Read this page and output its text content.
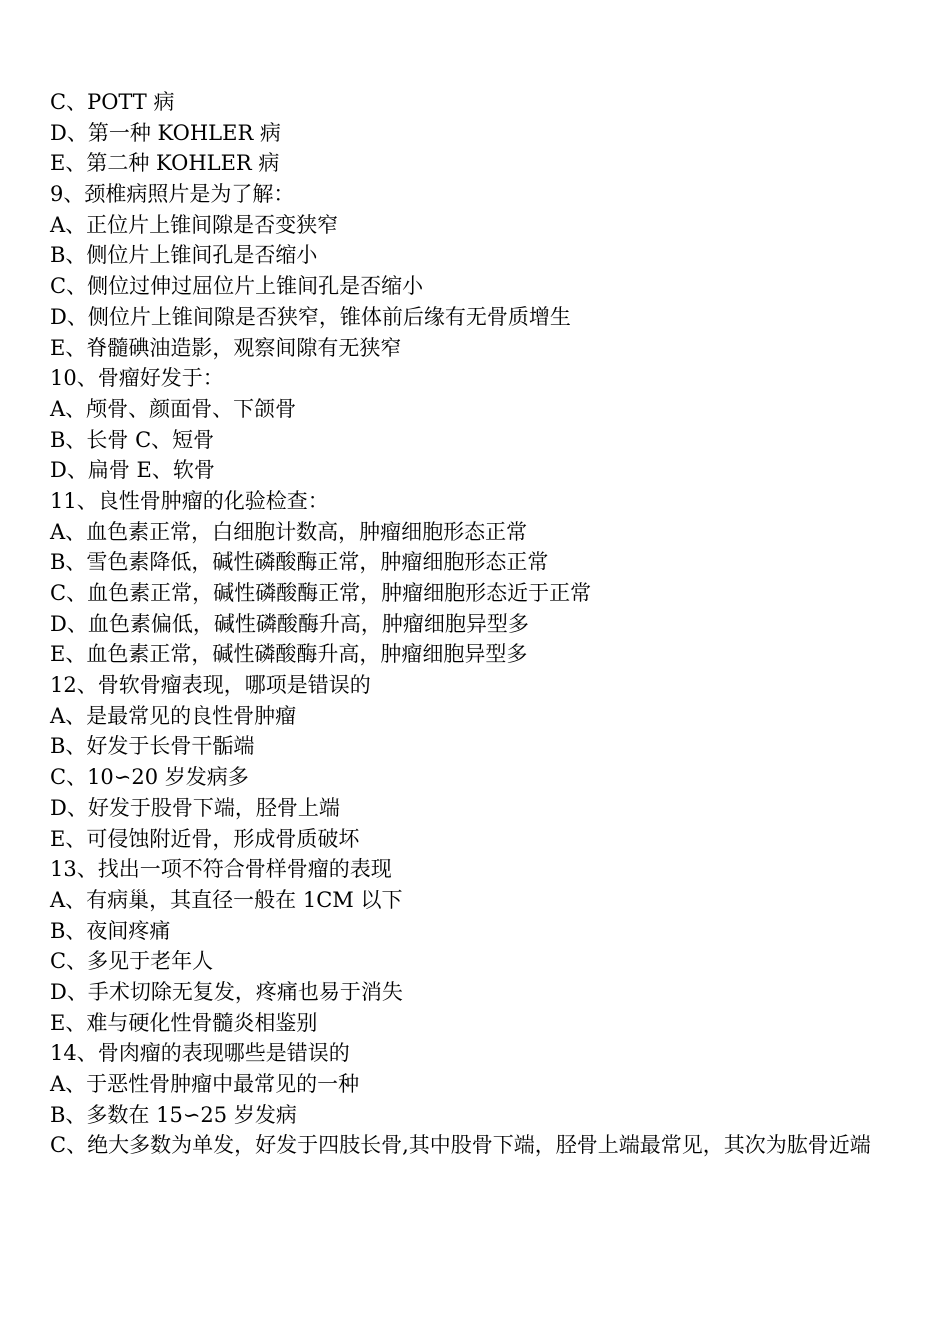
C、POTT 病
D、第一种 KOHLER 病
E、第二种 KOHLER 病
9、颈椎病照片是为了解：
A、正位片上锥间隙是否变狭窄
B、侧位片上锥间孔是否缩小
C、侧位过伸过屈位片上锥间孔是否缩小
D、侧位片上锥间隙是否狭窄，锥体前后缘有无骨质增生
E、脊髓碘油造影，观察间隙有无狭窄
10、骨瘤好发于：
A、颅骨、颜面骨、下颌骨
B、长骨 C、短骨
D、扁骨 E、软骨
11、良性骨肿瘤的化验检查：
A、血色素正常，白细胞计数高，肿瘤细胞形态正常
B、雪色素降低，碱性磷酸酶正常，肿瘤细胞形态正常
C、血色素正常，碱性磷酸酶正常，肿瘤细胞形态近于正常
D、血色素偏低，碱性磷酸酶升高，肿瘤细胞异型多
E、血色素正常，碱性磷酸酶升高，肿瘤细胞异型多
12、骨软骨瘤表现，哪项是错误的
A、是最常见的良性骨肿瘤
B、好发于长骨干骺端
C、10∽20 岁发病多
D、好发于股骨下端，胫骨上端
E、可侵蚀附近骨，形成骨质破坏
13、找出一项不符合骨样骨瘤的表现
A、有病巢，其直径一般在 1CM 以下
B、夜间疼痛
C、多见于老年人
D、手术切除无复发，疼痛也易于消失
E、难与硬化性骨髓炎相鉴别
14、骨肉瘤的表现哪些是错误的
A、于恶性骨肿瘤中最常见的一种
B、多数在 15∽25 岁发病
C、绝大多数为单发，好发于四肢长骨,其中股骨下端，胫骨上端最常见，其次为肱骨近端
